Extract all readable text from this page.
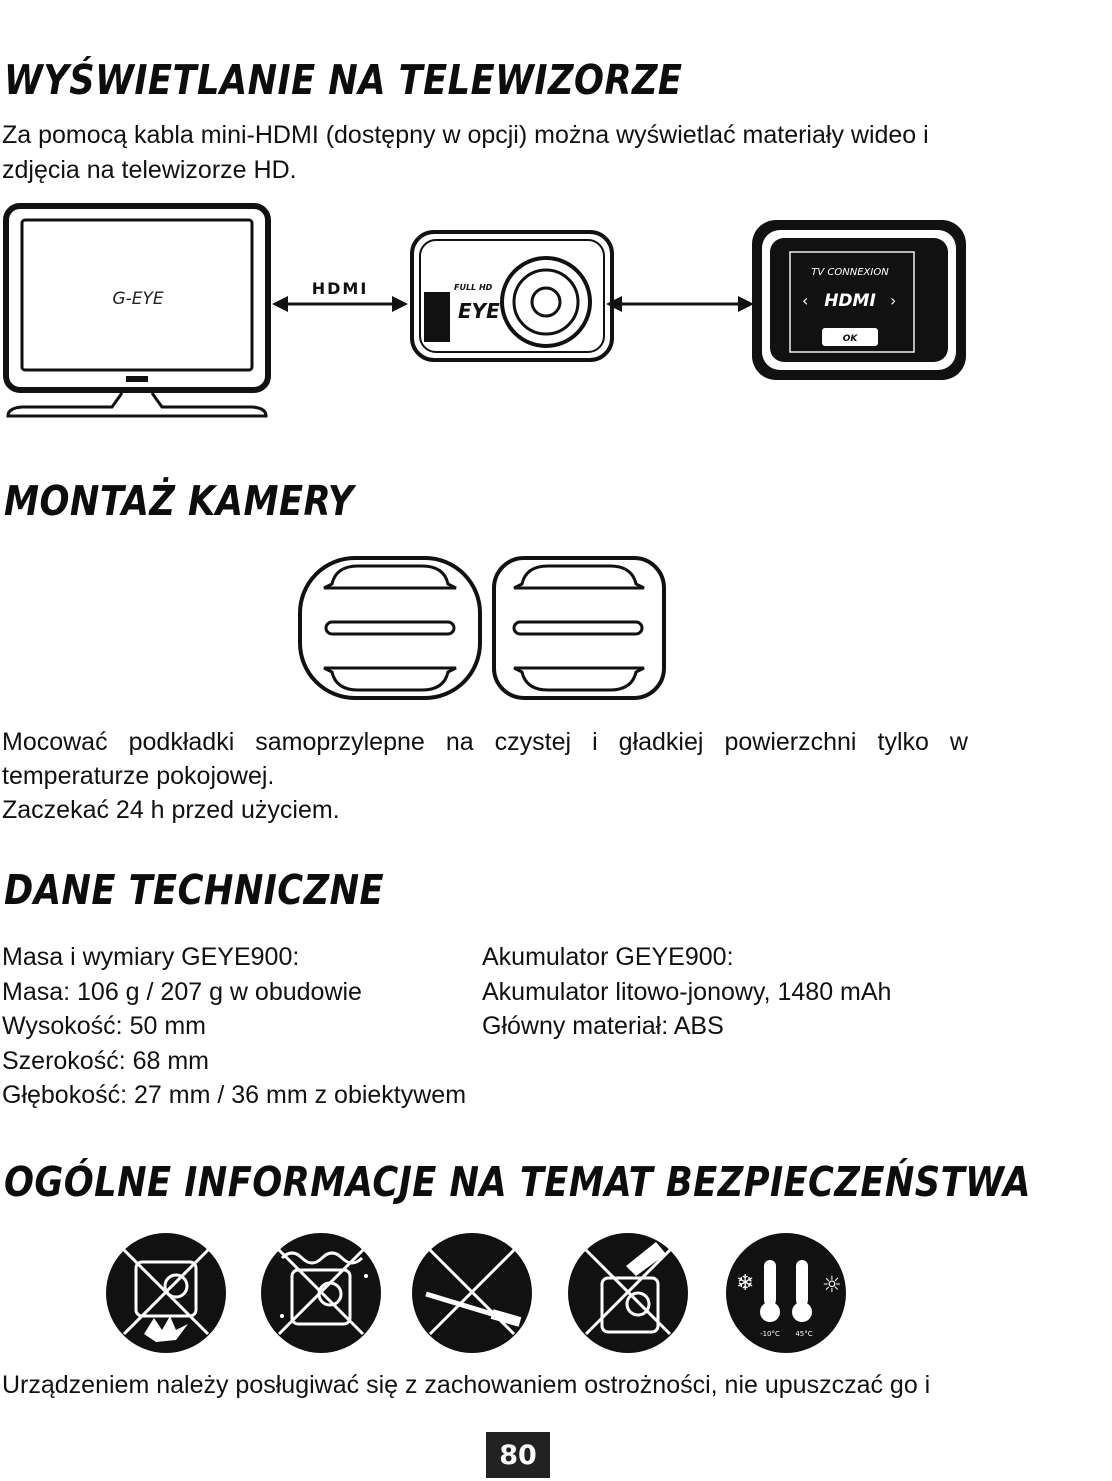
WYŚWIETLANIE NA TELEWIZORZE

Za pomocą kabla mini-HDMI (dostępny w opcji) można wyświetlać materiały wideo i

zdjęcia na telewizorze HD.

G-EYE
HDMI
EYE
FULL HD
TV CONNEXION
‹ HDMI ›
OK
MONTAŻ KAMERY

Mocować podkładki samoprzylepne na czystej i gładkiej powierzchni tylko w

temperaturze pokojowej.

Zaczekać 24 h przed użyciem.

DANE TECHNICZNE
Masa i wymiary GEYE900:
Masa: 106 g / 207 g w obudowie
Wysokość: 50 mm
Szerokość: 68 mm
Głębokość: 27 mm / 36 mm z obiektywem
Akumulator GEYE900:
Akumulator litowo-jonowy, 1480 mAh
Główny materiał: ABS
OGÓLNE INFORMACJE NA TEMAT BEZPIECZEŃSTWA
❄	☼
-10°C 45°C

Urządzeniem należy posługiwać się z zachowaniem ostrożności, nie upuszczać go i

80
